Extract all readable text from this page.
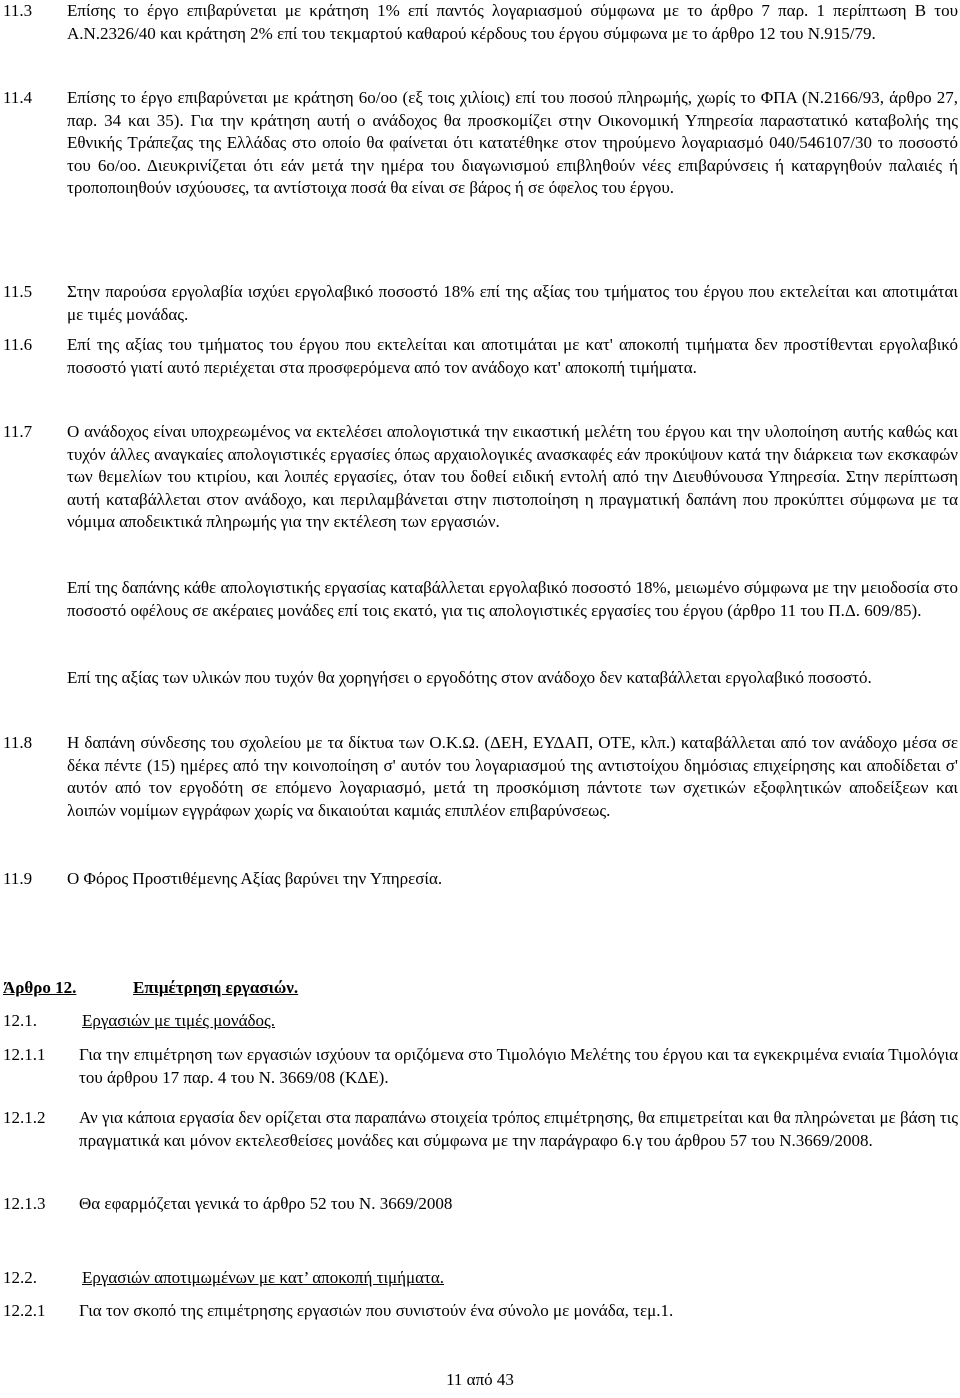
11.3 Επίσης το έργο επιβαρύνεται με κράτηση 1% επί παντός λογαριασμού σύμφωνα με το άρθρο 7 παρ. 1 περίπτωση Β του Α.Ν.2326/40 και κράτηση 2% επί του τεκμαρτού καθαρού κέρδους του έργου σύμφωνα με το άρθρο 12 του Ν.915/79.
11.4 Επίσης το έργο επιβαρύνεται με κράτηση 6ο/οο (εξ τοις χιλίοις) επί του ποσού πληρωμής, χωρίς το ΦΠΑ (Ν.2166/93, άρθρο 27, παρ. 34 και 35). Για την κράτηση αυτή ο ανάδοχος θα προσκομίζει στην Οικονομική Υπηρεσία παραστατικό καταβολής της Εθνικής Τράπεζας της Ελλάδας στο οποίο θα φαίνεται ότι κατατέθηκε στον τηρούμενο λογαριασμό 040/546107/30 το ποσοστό του 6ο/οο. Διευκρινίζεται ότι εάν μετά την ημέρα του διαγωνισμού επιβληθούν νέες επιβαρύνσεις ή καταργηθούν παλαιές ή τροποποιηθούν ισχύουσες, τα αντίστοιχα ποσά θα είναι σε βάρος ή σε όφελος του έργου.
11.5 Στην παρούσα εργολαβία ισχύει εργολαβικό ποσοστό 18% επί της αξίας του τμήματος του έργου που εκτελείται και αποτιμάται με τιμές μονάδας.
11.6 Επί της αξίας του τμήματος του έργου που εκτελείται και αποτιμάται με κατ' αποκοπή τιμήματα δεν προστίθενται εργολαβικό ποσοστό γιατί αυτό περιέχεται στα προσφερόμενα από τον ανάδοχο κατ' αποκοπή τιμήματα.
11.7 Ο ανάδοχος είναι υποχρεωμένος να εκτελέσει απολογιστικά την εικαστική μελέτη του έργου και την υλοποίηση αυτής καθώς και τυχόν άλλες αναγκαίες απολογιστικές εργασίες όπως αρχαιολογικές ανασκαφές εάν προκύψουν κατά την διάρκεια των εκσκαφών των θεμελίων του κτιρίου, και λοιπές εργασίες, όταν του δοθεί ειδική εντολή από την Διευθύνουσα Υπηρεσία. Στην περίπτωση αυτή καταβάλλεται στον ανάδοχο, και περιλαμβάνεται στην πιστοποίηση η πραγματική δαπάνη που προκύπτει σύμφωνα με τα νόμιμα αποδεικτικά πληρωμής για την εκτέλεση των εργασιών.
Επί της δαπάνης κάθε απολογιστικής εργασίας καταβάλλεται εργολαβικό ποσοστό 18%, μειωμένο σύμφωνα με την μειοδοσία στο ποσοστό οφέλους σε ακέραιες μονάδες επί τοις εκατό, για τις απολογιστικές εργασίες του έργου (άρθρο 11 του Π.Δ. 609/85).
Επί της αξίας των υλικών που τυχόν θα χορηγήσει ο εργοδότης στον ανάδοχο δεν καταβάλλεται εργολαβικό ποσοστό.
11.8 Η δαπάνη σύνδεσης του σχολείου με τα δίκτυα των Ο.Κ.Ω. (ΔΕΗ, ΕΥΔΑΠ, ΟΤΕ, κλπ.) καταβάλλεται από τον ανάδοχο μέσα σε δέκα πέντε (15) ημέρες από την κοινοποίηση σ' αυτόν του λογαριασμού της αντιστοίχου δημόσιας επιχείρησης και αποδίδεται σ' αυτόν από τον εργοδότη σε επόμενο λογαριασμό, μετά τη προσκόμιση πάντοτε των σχετικών εξοφλητικών αποδείξεων και λοιπών νομίμων εγγράφων χωρίς να δικαιούται καμιάς επιπλέον επιβαρύνσεως.
11.9 Ο Φόρος Προστιθέμενης Αξίας βαρύνει την Υπηρεσία.
Άρθρο 12.	Επιμέτρηση εργασιών.
12.1.	Εργασιών με τιμές μονάδος.
12.1.1 Για την επιμέτρηση των εργασιών ισχύουν τα οριζόμενα στο Τιμολόγιο Μελέτης του έργου και τα εγκεκριμένα ενιαία Τιμολόγια του άρθρου 17 παρ. 4 του Ν. 3669/08 (ΚΔΕ).
12.1.2 Αν για κάποια εργασία δεν ορίζεται στα παραπάνω στοιχεία τρόπος επιμέτρησης, θα επιμετρείται και θα πληρώνεται με βάση τις πραγματικά και μόνον εκτελεσθείσες μονάδες και σύμφωνα με την παράγραφο 6.γ του άρθρου 57 του Ν.3669/2008.
12.1.3 Θα εφαρμόζεται γενικά το άρθρο 52 του Ν. 3669/2008
12.2.	Εργασιών αποτιμωμένων με κατ’ αποκοπή τιμήματα.
12.2.1 Για τον σκοπό της επιμέτρησης εργασιών που συνιστούν ένα σύνολο με μονάδα, τεμ.1.
11 από 43
